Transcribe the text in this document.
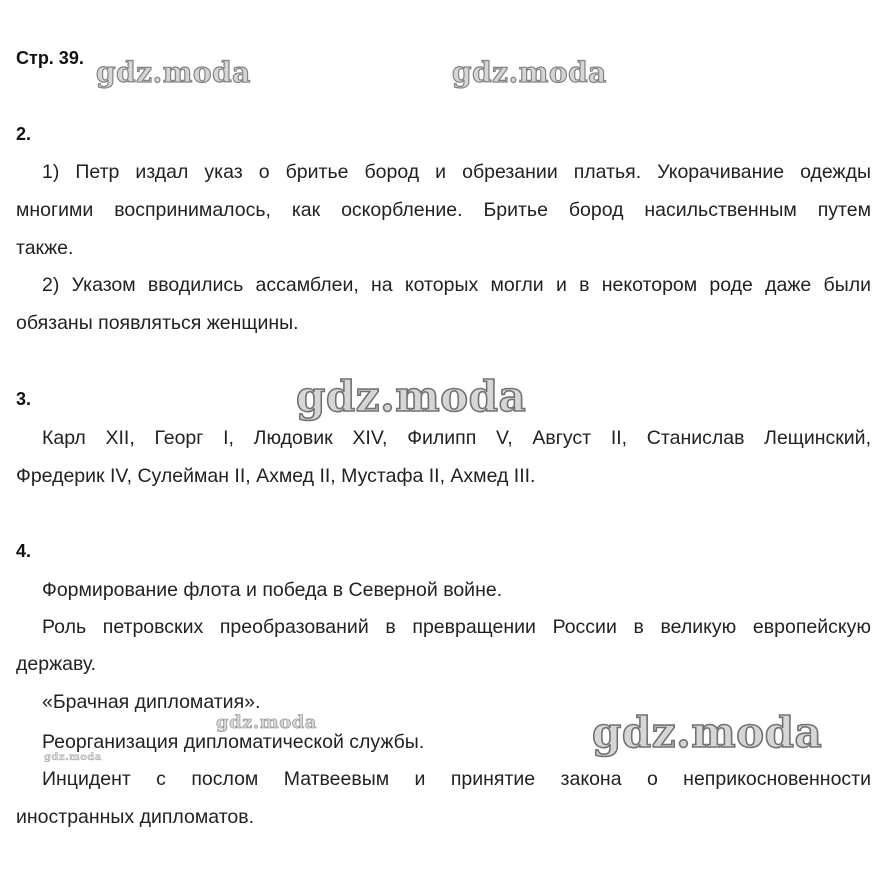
Стр. 39. gdz.moda	gdz.moda
gdz.moda
gdz.moda
gdz.moda
gdz.moda
2.
1) Петр издал указ о бритье бород и обрезании платья. Укорачивание одежды
многими воспринималось, как оскорбление. Бритье бород насильственным путем
также.
2) Указом вводились ассамблеи, на которых могли и в некотором роде даже были
обязаны появляться женщины.
3.
Карл XII, Георг I, Людовик XIV, Филипп V, Август II, Станислав Лещинский,
Фредерик IV, Сулейман II, Ахмед II, Мустафа II, Ахмед III.
4.
Формирование флота и победа в Северной войне.
Роль петровских преобразований в превращении России в великую европейскую
державу.
«Брачная дипломатия».
Реорганизация дипломатической службы.
Инцидент с послом Матвеевым и принятие закона о неприкосновенности
иностранных дипломатов.
